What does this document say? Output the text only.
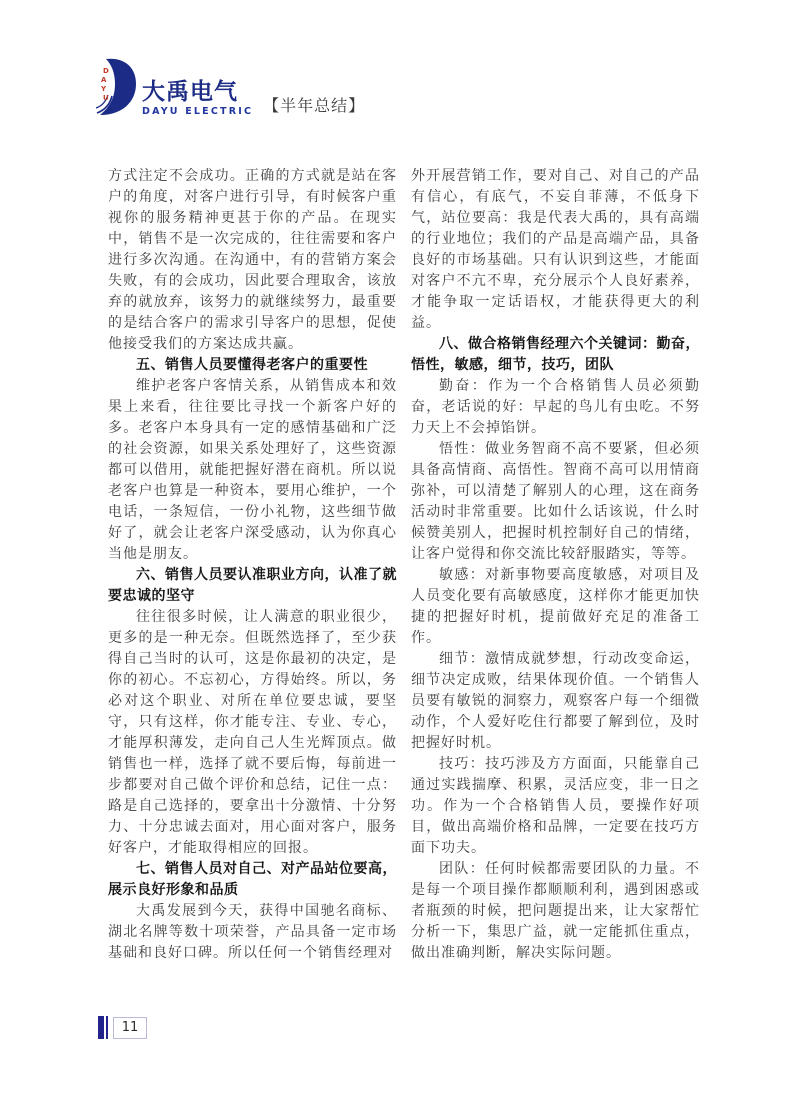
D
A
Y
U 大禹电气
DAYU ELECTRIC 【半年总结】
方式注定不会成功。正确的方式就是站在客户的角度，对客户进行引导，有时候客户重视你的服务精神更甚于你的产品。在现实中，销售不是一次完成的，往往需要和客户进行多次沟通。在沟通中，有的营销方案会失败，有的会成功，因此要合理取舍，该放弃的就放弃，该努力的就继续努力，最重要的是结合客户的需求引导客户的思想，促使他接受我们的方案达成共赢。
五、销售人员要懂得老客户的重要性
维护老客户客情关系，从销售成本和效果上来看，往往要比寻找一个新客户好的多。老客户本身具有一定的感情基础和广泛的社会资源，如果关系处理好了，这些资源都可以借用，就能把握好潜在商机。所以说老客户也算是一种资本，要用心维护，一个电话，一条短信，一份小礼物，这些细节做好了，就会让老客户深受感动，认为你真心当他是朋友。
六、销售人员要认准职业方向，认准了就要忠诚的坚守
往往很多时候，让人满意的职业很少，更多的是一种无奈。但既然选择了，至少获得自己当时的认可，这是你最初的决定，是你的初心。不忘初心，方得始终。所以，务必对这个职业、对所在单位要忠诚，要坚守，只有这样，你才能专注、专业、专心，才能厚积薄发，走向自己人生光辉顶点。做销售也一样，选择了就不要后悔，每前进一步都要对自己做个评价和总结，记住一点：路是自己选择的，要拿出十分激情、十分努力、十分忠诚去面对，用心面对客户，服务好客户，才能取得相应的回报。
七、销售人员对自己、对产品站位要高，展示良好形象和品质
大禹发展到今天，获得中国驰名商标、湖北名牌等数十项荣誉，产品具备一定市场基础和良好口碑。所以任何一个销售经理对
外开展营销工作，要对自己、对自己的产品有信心，有底气，不妄自菲薄，不低身下气，站位要高：我是代表大禹的，具有高端的行业地位；我们的产品是高端产品，具备良好的市场基础。只有认识到这些，才能面对客户不亢不卑，充分展示个人良好素养，才能争取一定话语权，才能获得更大的利益。
八、做合格销售经理六个关键词：勤奋，悟性，敏感，细节，技巧，团队
勤奋：作为一个合格销售人员必须勤奋，老话说的好：早起的鸟儿有虫吃。不努力天上不会掉馅饼。
悟性：做业务智商不高不要紧，但必须具备高情商、高悟性。智商不高可以用情商弥补，可以清楚了解别人的心理，这在商务活动时非常重要。比如什么话该说，什么时候赞美别人，把握时机控制好自己的情绪，让客户觉得和你交流比较舒服踏实，等等。
敏感：对新事物要高度敏感，对项目及人员变化要有高敏感度，这样你才能更加快捷的把握好时机，提前做好充足的准备工作。
细节：激情成就梦想，行动改变命运，细节决定成败，结果体现价值。一个销售人员要有敏锐的洞察力，观察客户每一个细微动作，个人爱好吃住行都要了解到位，及时把握好时机。
技巧：技巧涉及方方面面，只能靠自己通过实践揣摩、积累，灵活应变，非一日之功。作为一个合格销售人员，要操作好项目，做出高端价格和品牌，一定要在技巧方面下功夫。
团队：任何时候都需要团队的力量。不是每一个项目操作都顺顺利利，遇到困惑或者瓶颈的时候，把问题提出来，让大家帮忙分析一下，集思广益，就一定能抓住重点，做出准确判断，解决实际问题。
11
